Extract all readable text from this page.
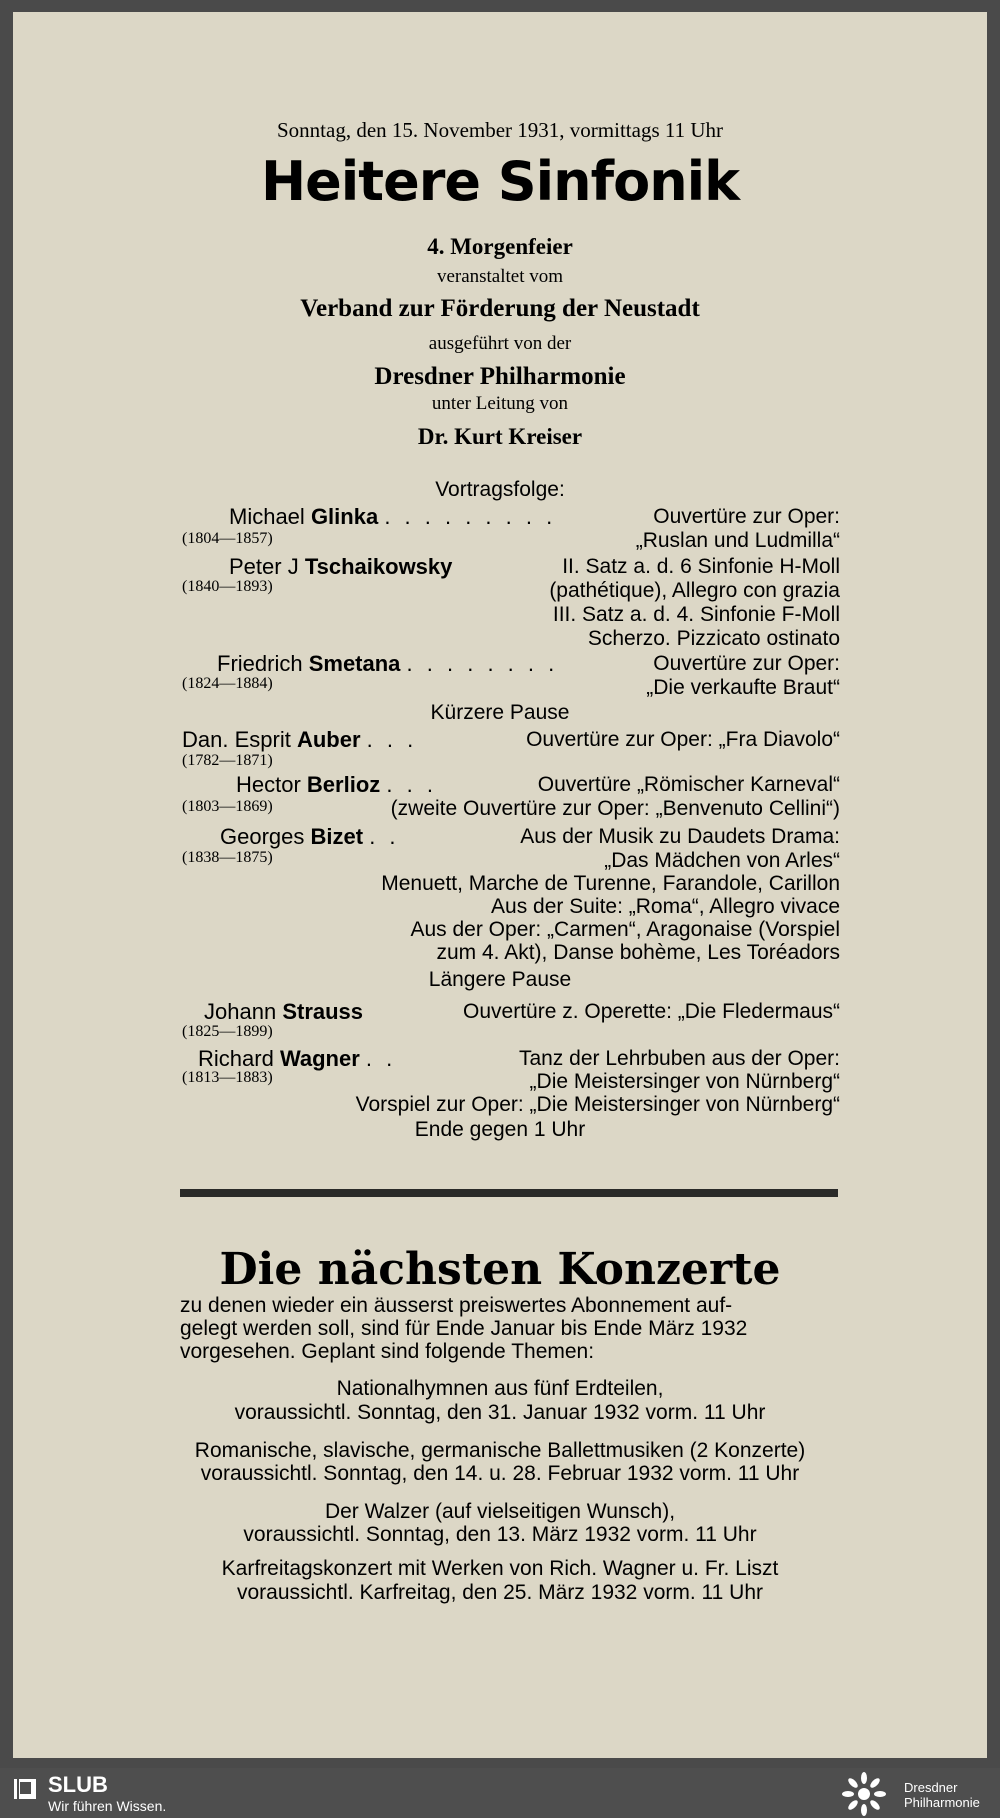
Sonntag, den 15. November 1931, vormittags 11 Uhr
Heitere Sinfonik
4. Morgenfeier
veranstaltet vom
Verband zur Förderung der Neustadt
ausgeführt von der
Dresdner Philharmonie
unter Leitung von
Dr. Kurt Kreiser
Vortragsfolge:
Michael Glinka . . . . . . . . .
(1804—1857)
Ouvertüre zur Oper:
„Ruslan und Ludmilla“
Peter J Tschaikowsky
(1840—1893)
II. Satz a. d. 6 Sinfonie H-Moll
(pathétique), Allegro con grazia
III. Satz a. d. 4. Sinfonie F-Moll
Scherzo. Pizzicato ostinato
Friedrich Smetana . . . . . . . .
(1824—1884)
Ouvertüre zur Oper:
„Die verkaufte Braut“
Kürzere Pause
Dan. Esprit Auber . . .
(1782—1871)
Ouvertüre zur Oper: „Fra Diavolo“
Hector Berlioz . . .
(1803—1869)
Ouvertüre „Römischer Karneval“
(zweite Ouvertüre zur Oper: „Benvenuto Cellini“)
Georges Bizet . .
(1838—1875)
Aus der Musik zu Daudets Drama:
„Das Mädchen von Arles“
Menuett, Marche de Turenne, Farandole, Carillon
Aus der Suite: „Roma“, Allegro vivace
Aus der Oper: „Carmen“, Aragonaise (Vorspiel
zum 4. Akt), Danse bohème, Les Toréadors
Längere Pause
Johann Strauss
(1825—1899)
Ouvertüre z. Operette: „Die Fledermaus“
Richard Wagner . .
(1813—1883)
Tanz der Lehrbuben aus der Oper:
„Die Meistersinger von Nürnberg“
Vorspiel zur Oper: „Die Meistersinger von Nürnberg“
Ende gegen 1 Uhr
Die nächsten Konzerte
zu denen wieder ein äusserst preiswertes Abonnement auf-
gelegt werden soll, sind für Ende Januar bis Ende März 1932
vorgesehen. Geplant sind folgende Themen:
Nationalhymnen aus fünf Erdteilen,
voraussichtl. Sonntag, den 31. Januar 1932 vorm. 11 Uhr
Romanische, slavische, germanische Ballettmusiken (2 Konzerte)
voraussichtl. Sonntag, den 14. u. 28. Februar 1932 vorm. 11 Uhr
Der Walzer (auf vielseitigen Wunsch),
voraussichtl. Sonntag, den 13. März 1932 vorm. 11 Uhr
Karfreitagskonzert mit Werken von Rich. Wagner u. Fr. Liszt
voraussichtl. Karfreitag, den 25. März 1932 vorm. 11 Uhr
SLUB
Wir führen Wissen.
Dresdner
Philharmonie
